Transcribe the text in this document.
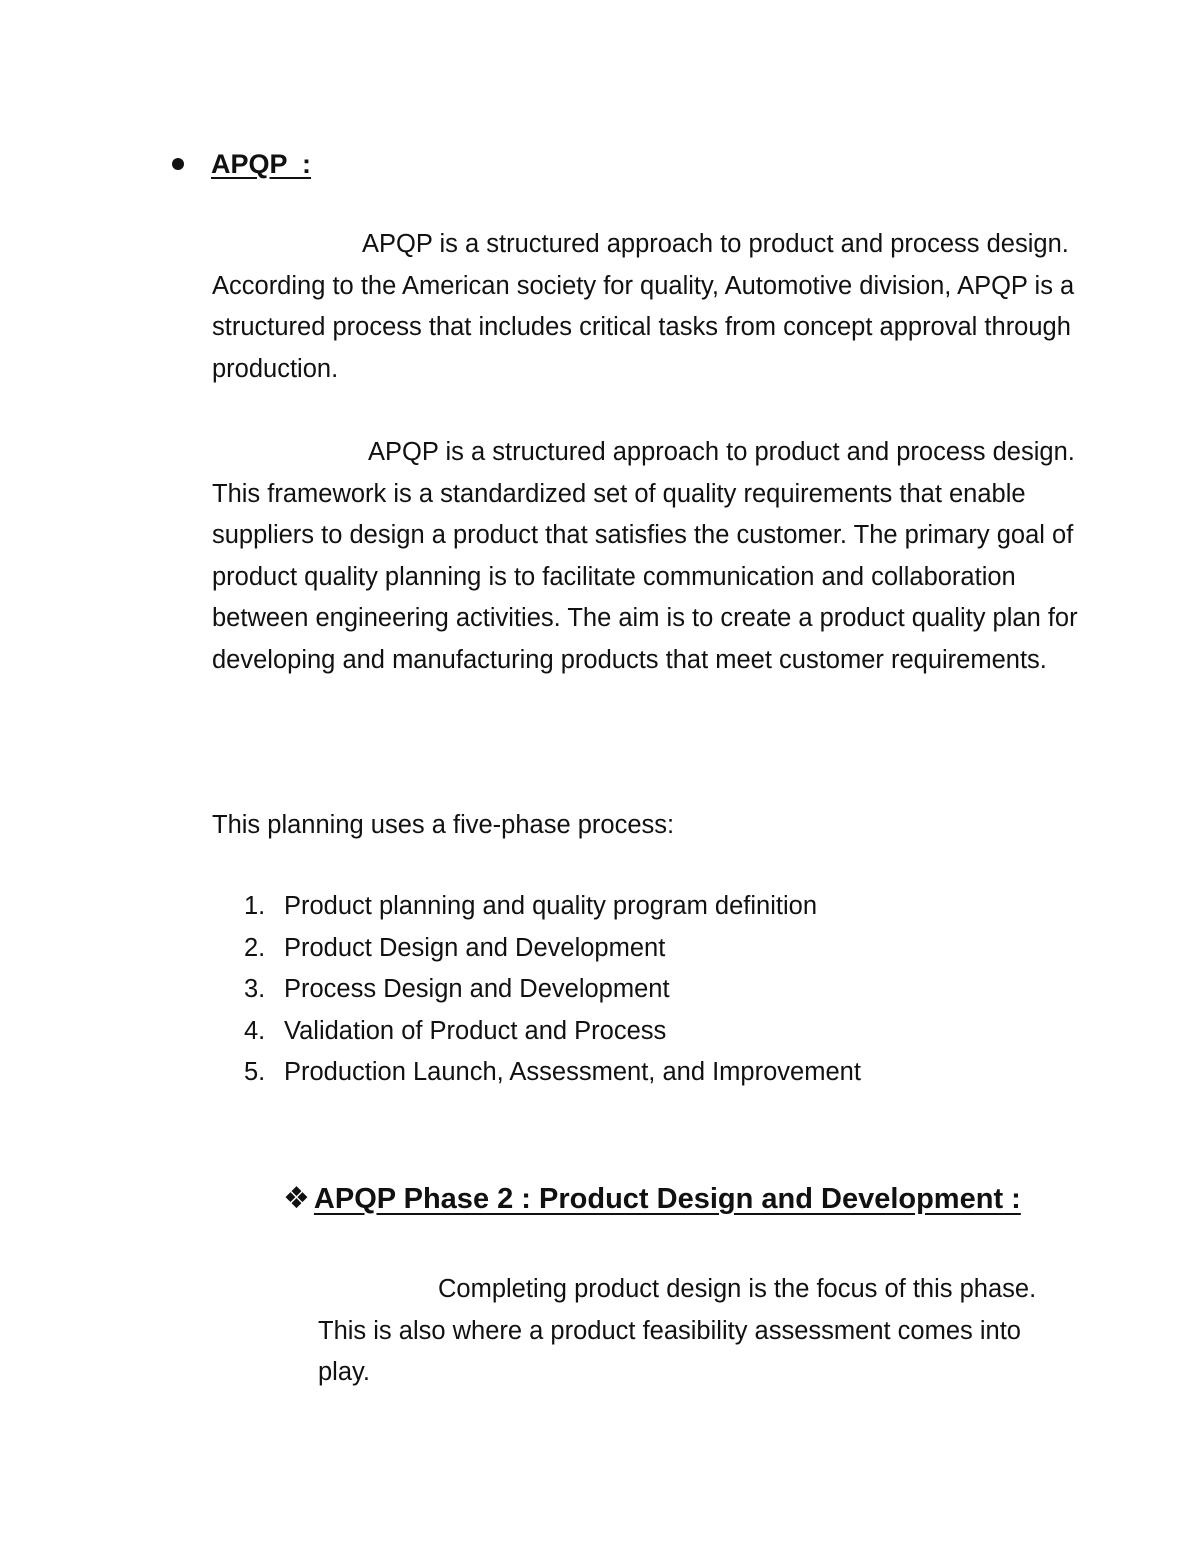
APQP  :

APQP is a structured approach to product and process design. According to the American society for quality, Automotive division, APQP is a structured process that includes critical tasks from concept approval through production.

APQP is a structured approach to product and process design. This framework is a standardized set of quality requirements that enable suppliers to design a product that satisfies the customer. The primary goal of product quality planning is to facilitate communication and collaboration between engineering activities. The aim is to create a product quality plan for developing and manufacturing products that meet customer requirements.

This planning uses a five-phase process:

1. Product planning and quality program definition
2. Product Design and Development
3. Process Design and Development
4. Validation of Product and Process
5. Production Launch, Assessment, and Improvement
❖ APQP Phase 2 : Product Design and Development :

Completing product design is the focus of this phase. This is also where a product feasibility assessment comes into play.
